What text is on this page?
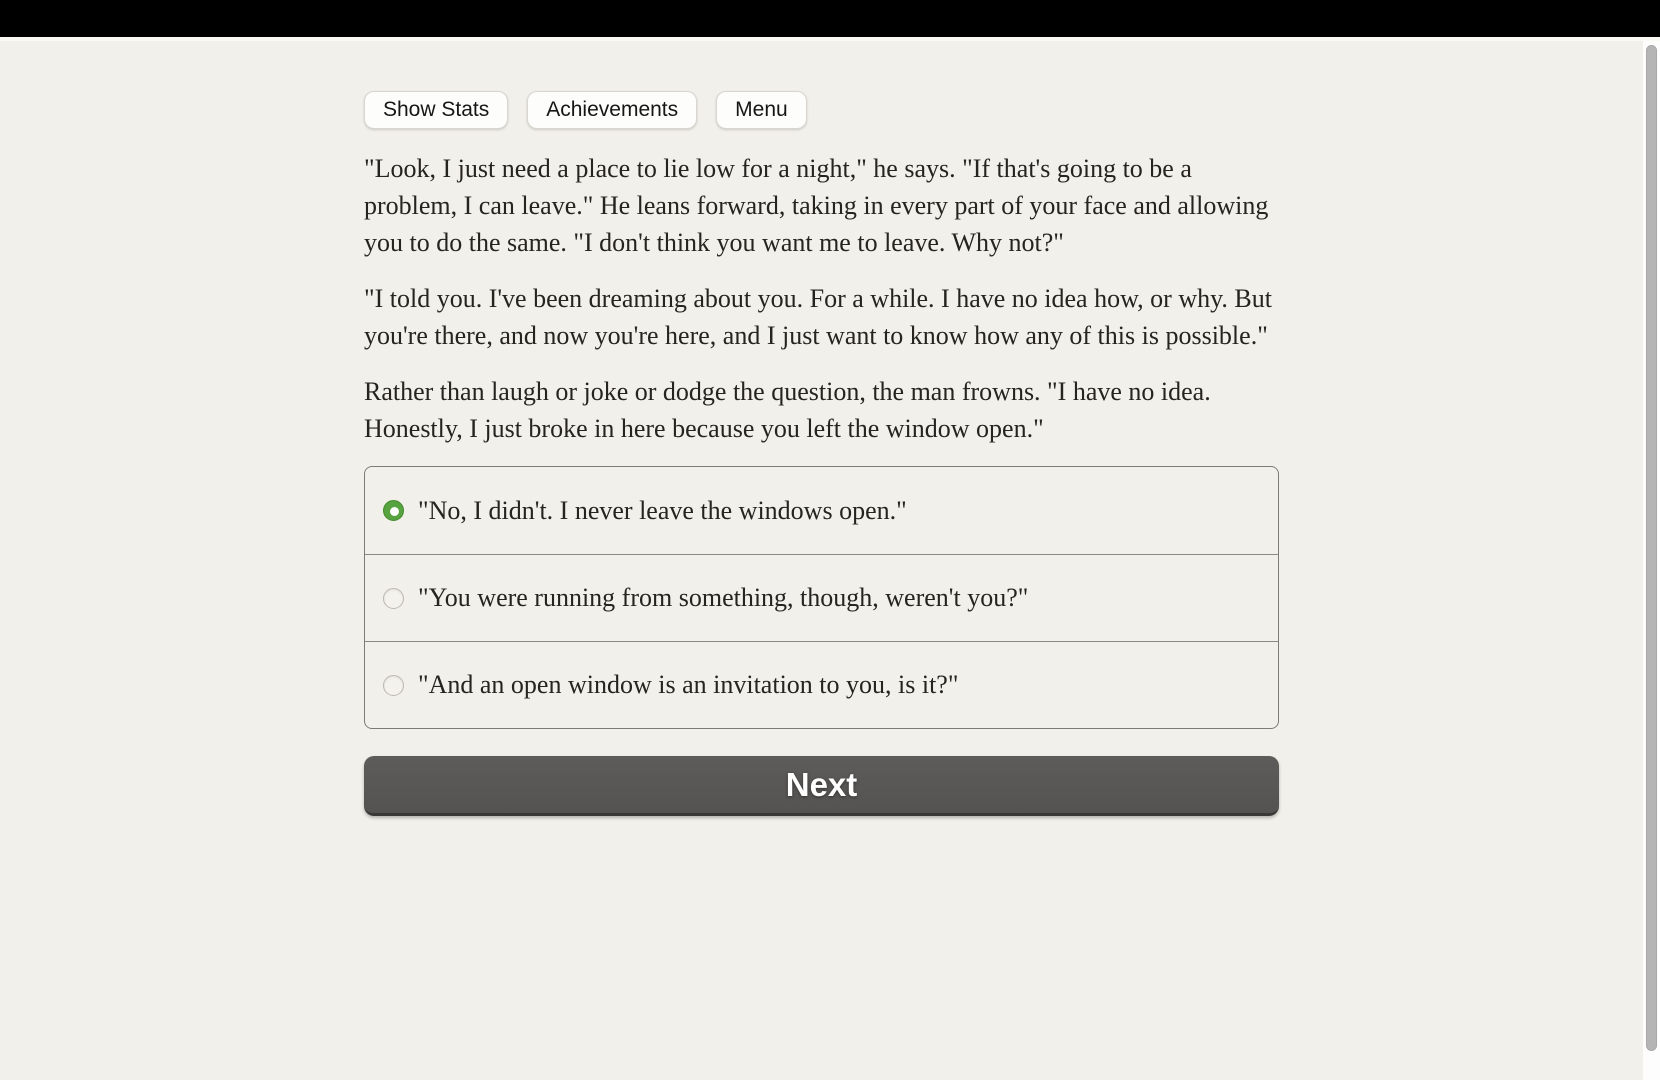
Show Stats	Achievements	Menu

"Look, I just need a place to lie low for a night," he says. "If that's going to be a problem, I can leave." He leans forward, taking in every part of your face and allowing you to do the same. "I don't think you want me to leave. Why not?"

"I told you. I've been dreaming about you. For a while. I have no idea how, or why. But you're there, and now you're here, and I just want to know how any of this is possible."

Rather than laugh or joke or dodge the question, the man frowns. "I have no idea. Honestly, I just broke in here because you left the window open."

"No, I didn't. I never leave the windows open."
"You were running from something, though, weren't you?"
"And an open window is an invitation to you, is it?"
Next
